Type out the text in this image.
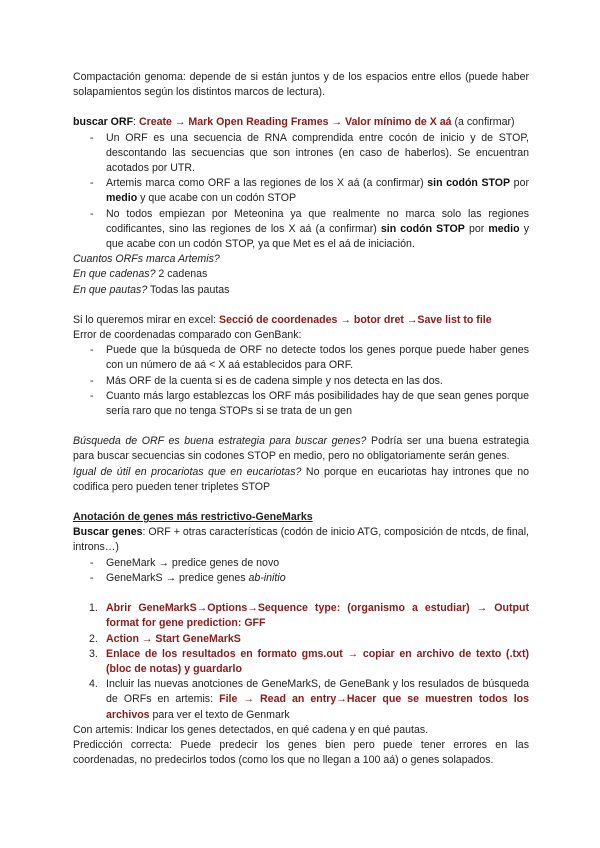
Compactación genoma: depende de si están juntos y de los espacios entre ellos (puede haber solapamientos según los distintos marcos de lectura).

buscar ORF: Create → Mark Open Reading Frames → Valor mínimo de X aá (a confirmar)

- Un ORF es una secuencia de RNA comprendida entre cocón de inicio y de STOP, descontando las secuencias que son intrones (en caso de haberlos). Se encuentran acotados por UTR.
- Artemis marca como ORF a las regiones de los X aá (a confirmar) sin codón STOP por medio y que acabe con un codón STOP
- No todos empiezan por Meteonina ya que realmente no marca solo las regiones codificantes, sino las regiones de los X aá (a confirmar) sin codón STOP por medio y que acabe con un codón STOP, ya que Met es el aá de iniciación.

Cuantos ORFs marca Artemis?

En que cadenas? 2 cadenas

En que pautas? Todas las pautas

Si lo queremos mirar en excel: Secció de coordenades → botor dret →Save list to file

Error de coordenadas comparado con GenBank:

- Puede que la búsqueda de ORF no detecte todos los genes porque puede haber genes con un número de aá < X aá establecidos para ORF.
- Más ORF de la cuenta si es de cadena simple y nos detecta en las dos.
- Cuanto más largo establezcas los ORF más posibilidades hay de que sean genes porque sería raro que no tenga STOPs si se trata de un gen

Búsqueda de ORF es buena estrategia para buscar genes? Podría ser una buena estrategia para buscar secuencias sin codones STOP en medio, pero no obligatoriamente serán genes.

Igual de útil en procariotas que en eucariotas? No porque en eucariotas hay intrones que no codifica pero pueden tener tripletes STOP

Anotación de genes más restrictivo-GeneMarks

Buscar genes: ORF + otras características (codón de inicio ATG, composición de ntcds, de final, introns…)

- GeneMark → predice genes de novo
- GeneMarkS → predice genes ab-initio
1. Abrir GeneMarkS→Options→Sequence type: (organismo a estudiar) → Output format for gene prediction: GFF
2. Action → Start GeneMarkS
3. Enlace de los resultados en formato gms.out → copiar en archivo de texto (.txt) (bloc de notas) y guardarlo
4. Incluir las nuevas anotciones de GeneMarkS, de GeneBank y los resulados de búsqueda de ORFs en artemis: File → Read an entry→Hacer que se muestren todos los archivos para ver el texto de Genmark

Con artemis: Indicar los genes detectados, en qué cadena y en qué pautas.

Predicción correcta: Puede predecir los genes bien pero puede tener errores en las coordenadas, no predecirlos todos (como los que no llegan a 100 aá) o genes solapados.
